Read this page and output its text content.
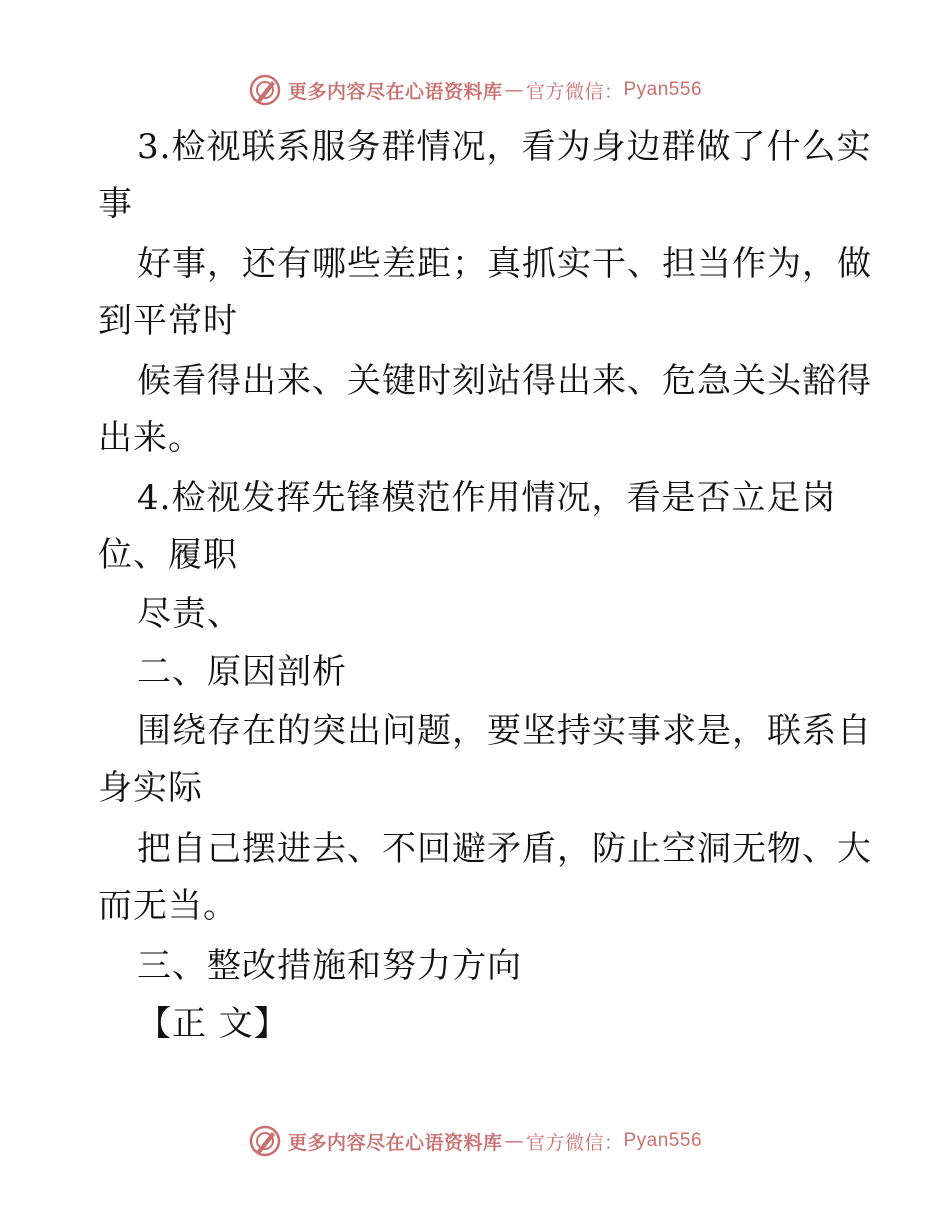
更多内容尽在心语资料库 — 官方微信： Pyan556
3.检视联系服务群情况，看为身边群做了什么实
事
好事，还有哪些差距；真抓实干、担当作为，做
到平常时
候看得出来、关键时刻站得出来、危急关头豁得
出来。
4.检视发挥先锋模范作用情况，看是否立足岗
位、履职
尽责、
二、原因剖析
围绕存在的突出问题，要坚持实事求是，联系自
身实际
把自己摆进去、不回避矛盾，防止空洞无物、大
而无当。
三、整改措施和努力方向
【正 文】
更多内容尽在心语资料库 — 官方微信： Pyan556
